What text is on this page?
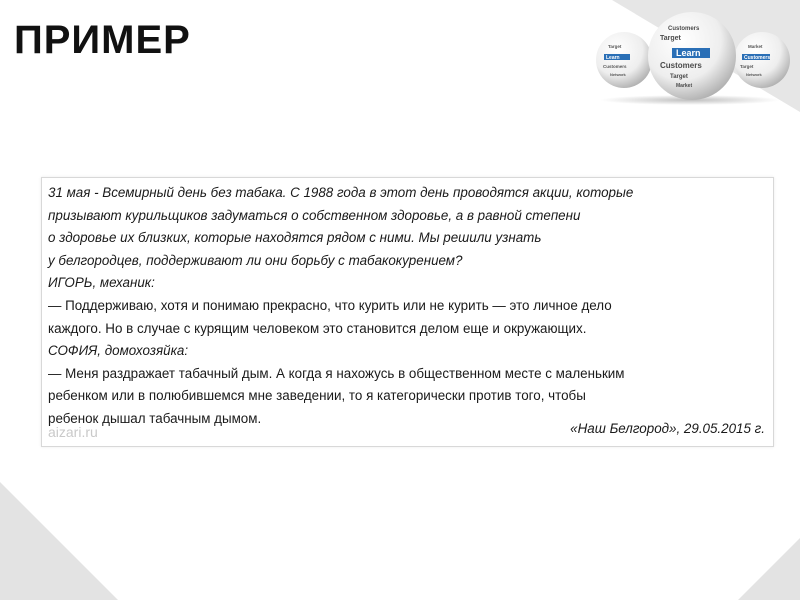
ПРИМЕР	Learn
Target
Customers
Network
Customers
Market
Target
Network
Customers
Target
Learn
Customers
Target
Market
31 мая - Всемирный день без табака. С 1988 года в этот день проводятся акции, которые
призывают курильщиков задуматься о собственном здоровье, а в равной степени
о здоровье их близких, которые находятся рядом с ними. Мы решили узнать
у белгородцев, поддерживают ли они борьбу с табакокурением?
ИГОРЬ, механик:
— Поддерживаю, хотя и понимаю прекрасно, что курить или не курить — это личное дело
каждого. Но в случае с курящим человеком это становится делом еще и окружающих.
СОФИЯ, домохозяйка:
— Меня раздражает табачный дым. А когда я нахожусь в общественном месте с маленьким
ребенком или в полюбившемся мне заведении, то я категорически против того, чтобы
ребенок дышал табачным дымом.
aizari.ru	«Наш Белгород», 29.05.2015 г.
